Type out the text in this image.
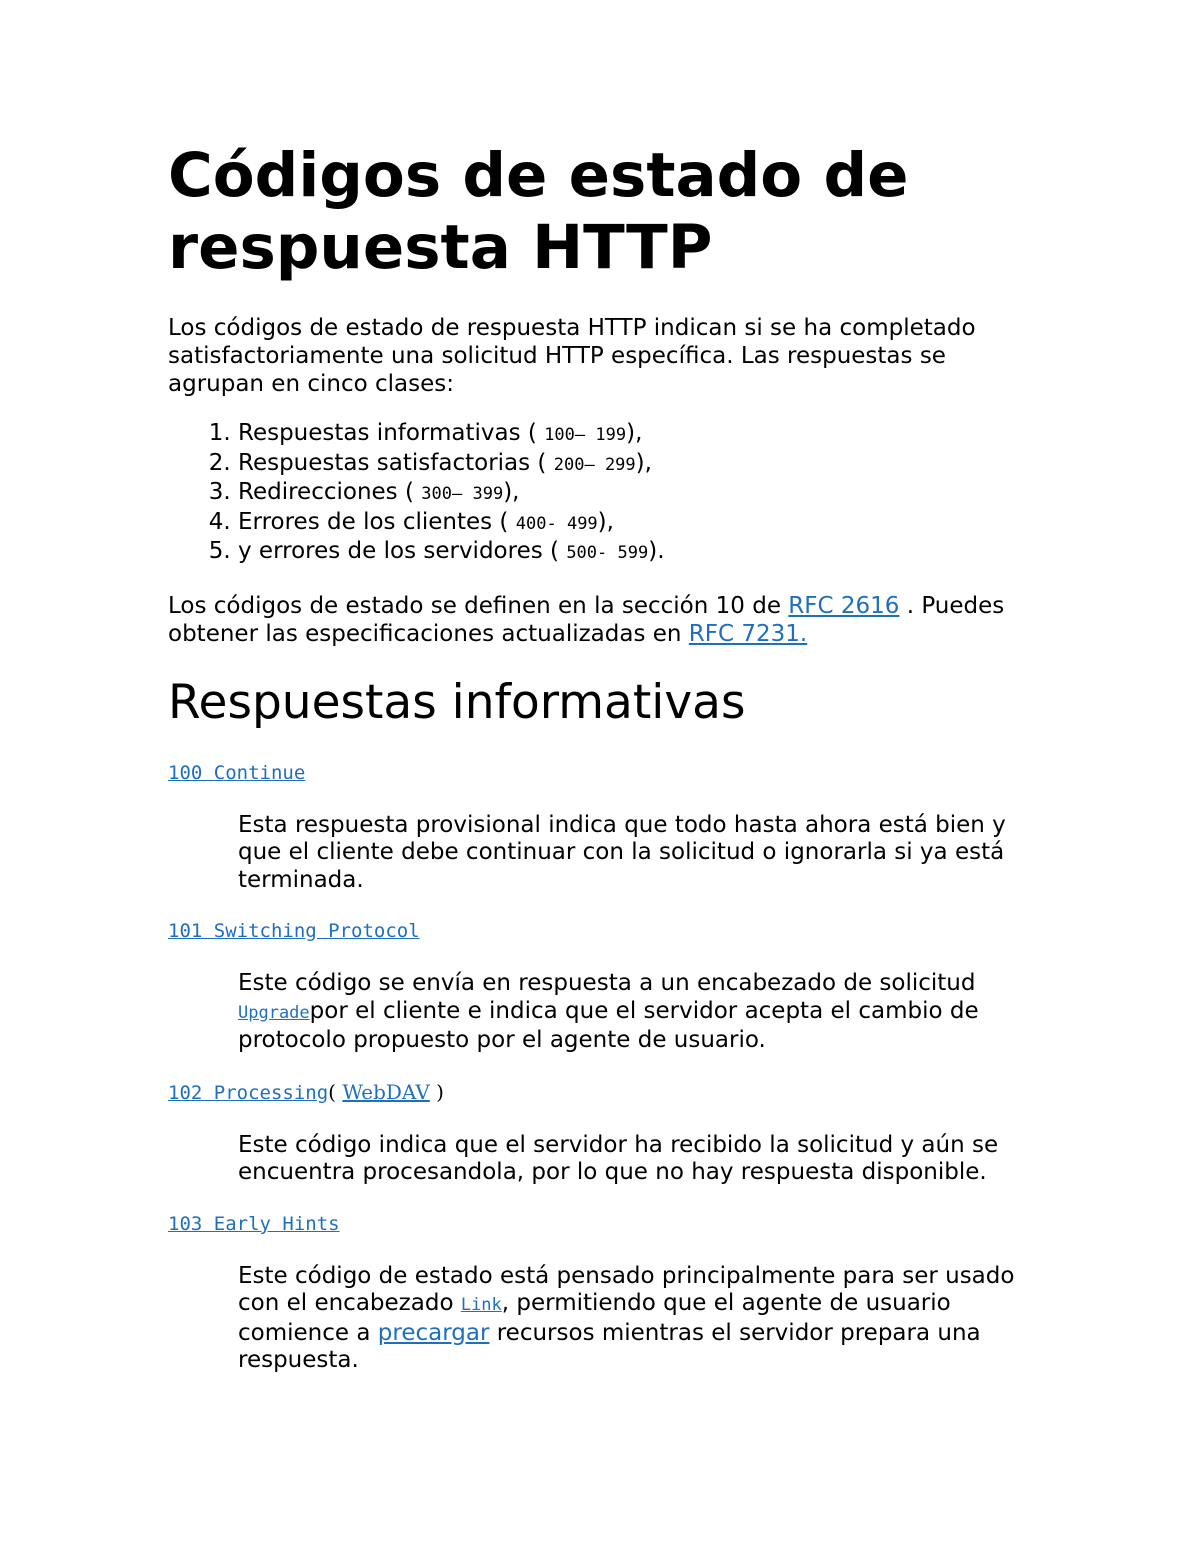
Códigos de estado de respuesta HTTP

Los códigos de estado de respuesta HTTP indican si se ha completado satisfactoriamente una solicitud HTTP específica. Las respuestas se agrupan en cinco clases:

1. Respuestas informativas ( 100– 199),
2. Respuestas satisfactorias ( 200– 299),
3. Redirecciones ( 300– 399),
4. Errores de los clientes ( 400- 499),
5. y errores de los servidores ( 500- 599).

Los códigos de estado se definen en la sección 10 de RFC 2616 . Puedes obtener las especificaciones actualizadas en RFC 7231.

Respuestas informativas

100 Continue

Esta respuesta provisional indica que todo hasta ahora está bien y que el cliente debe continuar con la solicitud o ignorarla si ya está terminada.

101 Switching Protocol

Este código se envía en respuesta a un encabezado de solicitud Upgradepor el cliente e indica que el servidor acepta el cambio de protocolo propuesto por el agente de usuario.

102 Processing( WebDAV )

Este código indica que el servidor ha recibido la solicitud y aún se encuentra procesandola, por lo que no hay respuesta disponible.

103 Early Hints

Este código de estado está pensado principalmente para ser usado con el encabezado Link, permitiendo que el agente de usuario comience a precargar recursos mientras el servidor prepara una respuesta.
